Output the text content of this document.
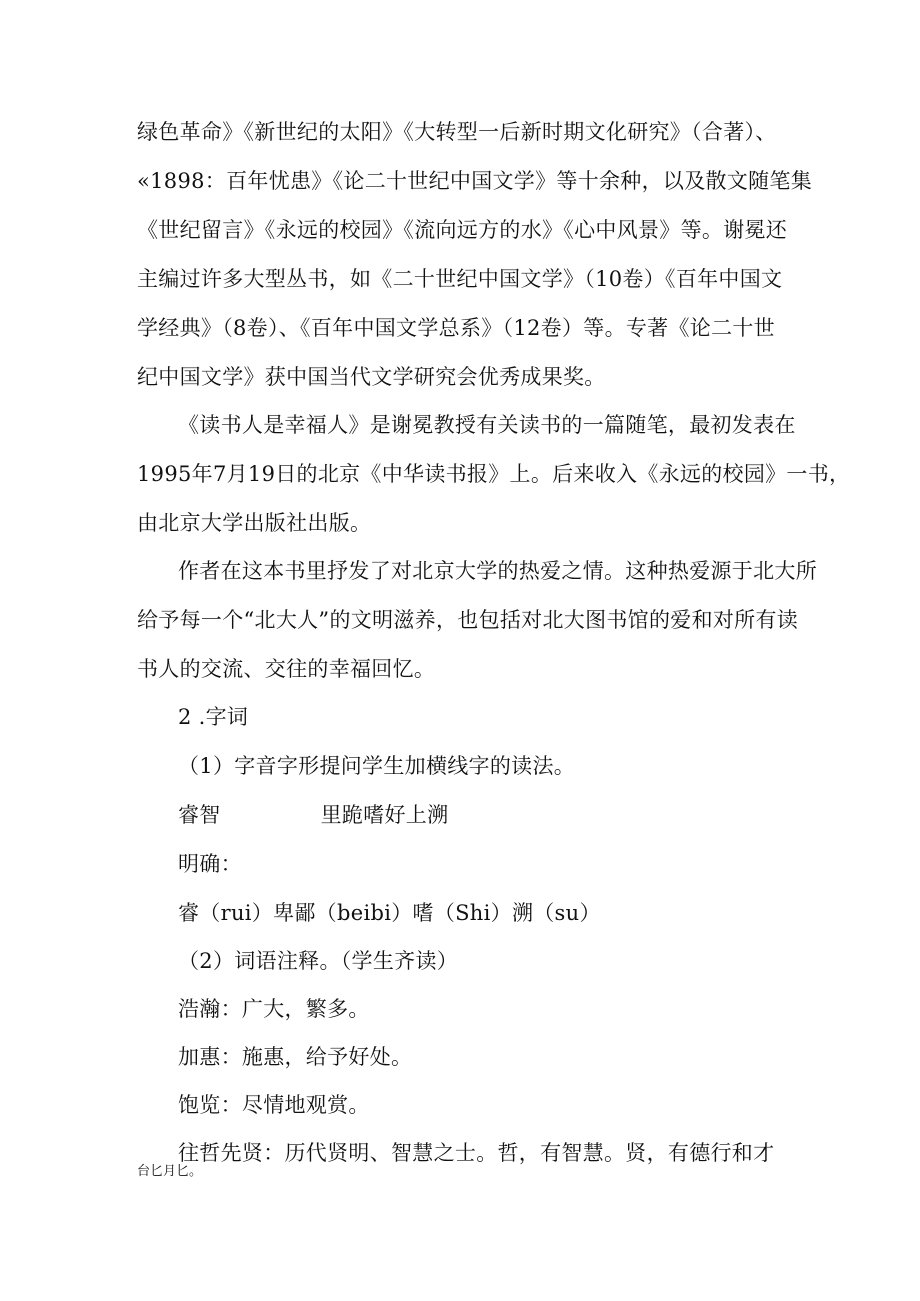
绿色革命》《新世纪的太阳》《大转型一后新时期文化研究》（合著）、
«1898：百年忧患》《论二十世纪中国文学》等十余种，以及散文随笔集
《世纪留言》《永远的校园》《流向远方的水》《心中风景》等。谢冕还
主编过许多大型丛书，如《二十世纪中国文学》（10卷）《百年中国文
学经典》（8卷）、《百年中国文学总系》（12卷）等。专著《论二十世
纪中国文学》获中国当代文学研究会优秀成果奖。
《读书人是幸福人》是谢冕教授有关读书的一篇随笔，最初发表在
1995年7月19日的北京《中华读书报》上。后来收入《永远的校园》一书，
由北京大学出版社出版。
作者在这本书里抒发了对北京大学的热爱之情。这种热爱源于北大所
给予每一个“北大人”的文明滋养，也包括对北大图书馆的爱和对所有读
书人的交流、交往的幸福回忆。
2 .字词
（1）字音字形提问学生加横线字的读法。
睿智	里跪嗜好上溯
明确：
睿（rui）卑鄙（beibi）嗜（Shi）溯（su）
（2）词语注释。（学生齐读）
浩瀚：广大，繁多。
加惠：施惠，给予好处。
饱览：尽情地观赏。
往哲先贤：历代贤明、智慧之士。哲，有智慧。贤，有德行和才
台匕月匕。
